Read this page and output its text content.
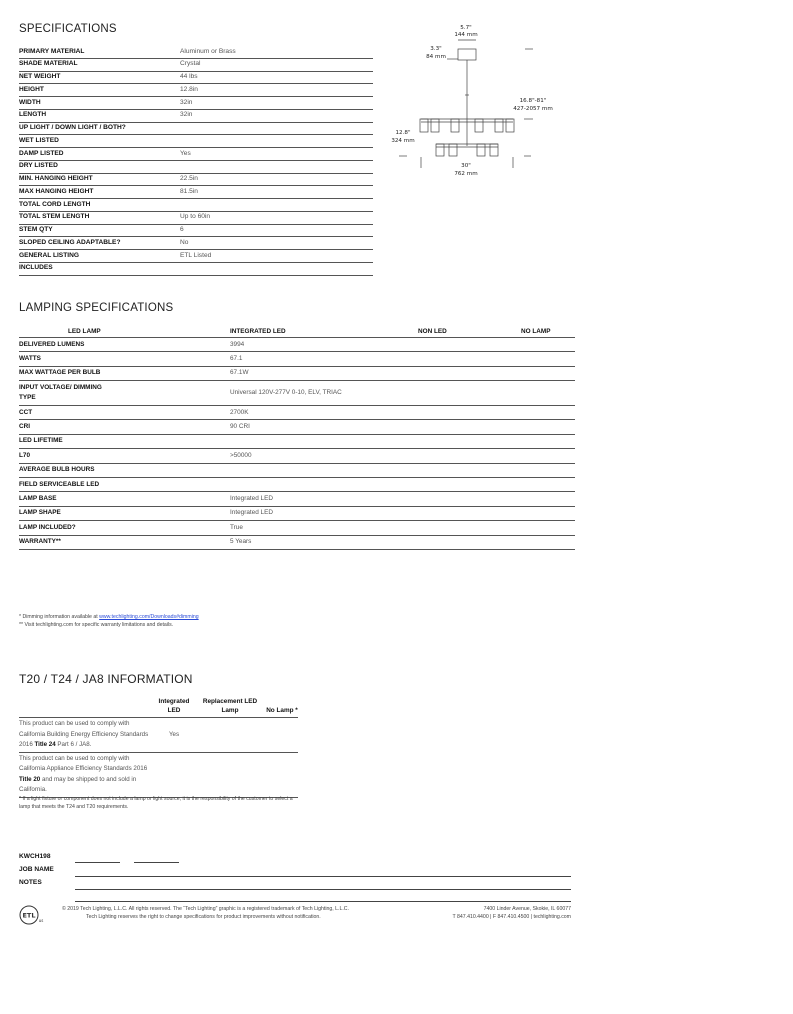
SPECIFICATIONS
PRIMARY MATERIAL	Aluminum or Brass
SHADE MATERIAL	Crystal
NET WEIGHT	44 lbs
HEIGHT	12.8in
WIDTH	32in
LENGTH	32in
UP LIGHT / DOWN LIGHT / BOTH?	
WET LISTED	
DAMP LISTED	Yes
DRY LISTED	
MIN. HANGING HEIGHT	22.5in
MAX HANGING HEIGHT	81.5in
TOTAL CORD LENGTH	
TOTAL STEM LENGTH	Up to 60in
STEM QTY	6
SLOPED CEILING ADAPTABLE?	No
GENERAL LISTING	ETL Listed
INCLUDES	
5.7"
144 mm
3.3"
84 mm
16.8"-81"
427-2057 mm
12.8"
324 mm
30"
762 mm
LAMPING SPECIFICATIONS
LED LAMP	INTEGRATED LED	NON LED	NO LAMP
DELIVERED LUMENS	3994		
WATTS	67.1		
MAX WATTAGE PER BULB	67.1W		
INPUT VOLTAGE/ DIMMING TYPE	Universal 120V-277V 0-10, ELV, TRIAC		
CCT	2700K		
CRI	90 CRI		
LED LIFETIME			
L70	>50000		
AVERAGE BULB HOURS			
FIELD SERVICEABLE LED			
LAMP BASE	Integrated LED		
LAMP SHAPE	Integrated LED		
LAMP INCLUDED?	True		
WARRANTY**	5 Years		
* Dimming information available at www.techlighting.com/Downloads#dimming
** Visit techlighting.com for specific warranty limitations and details.
T20 / T24 / JA8 INFORMATION
	Integrated LED	Replacement LED Lamp	No Lamp *
This product can be used to comply with California Building Energy Efficiency Standards 2016 Title 24 Part 6 / JA8.	Yes		
This product can be used to comply with California Appliance Efficiency Standards 2016 Title 20 and may be shipped to and sold in California.			
* If a light fixture or component does not include a lamp or light source, it is the responsibility of the customer to select a lamp that meets the T24 and T20 requirements.
KWCH198
JOB NAME
NOTES
ETL
us
© 2019 Tech Lighting, L.L.C. All rights reserved. The “Tech Lighting” graphic is a registered trademark of Tech Lighting, L.L.C.
Tech Lighting reserves the right to change specifications for product improvements without notification.
7400 Linder Avenue, Skokie, IL 60077
T 847.410.4400 | F 847.410.4500 | techlighting.com
